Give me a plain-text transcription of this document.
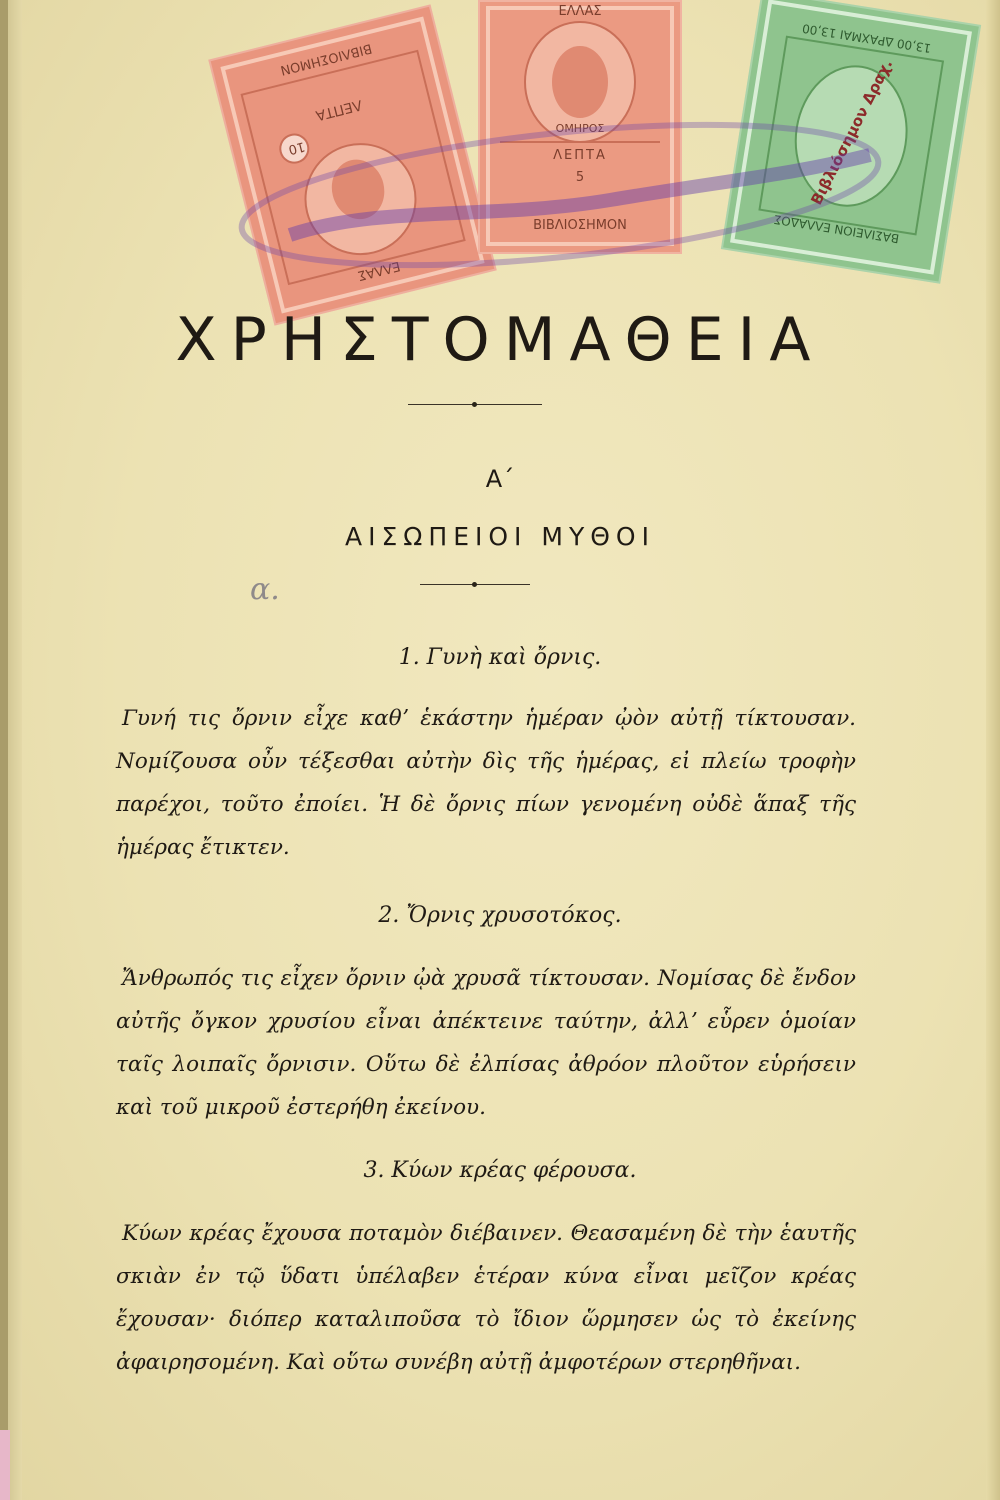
ΒΙΒΛΙΟΣΗΜΟΝ
ΕΛΛΑΣ
ΛΕΠΤΑ
10
ΕΛΛΑΣ
ΟΜΗΡΟΣ
ΛΕΠΤΑ
5
ΒΙΒΛΙΟΣΗΜΟΝ
13,00 ΔΡΑΧΜΑΙ 13,00
ΒΑΣΙΛΕΙΟΝ ΕΛΛΑΔΟΣ
Βιβλιόσημον Δραχ.
ΧΡΗΣΤΟΜΑΘΕΙΑ
Α΄
ΑΙΣΩΠΕΙΟΙ ΜΥΘΟΙ
α.
1. Γυνὴ καὶ ὄρνις.
Γυνή τις ὄρνιν εἶχε καθʼ ἑκάστην ἡμέραν ᾠὸν αὐτῇ τίκτουσαν. Νομίζουσα οὖν τέξεσθαι αὐτὴν δὶς τῆς ἡμέρας, εἰ πλείω τροφὴν παρέχοι, τοῦτο ἐποίει. Ἡ δὲ ὄρνις πίων γενομένη οὐδὲ ἅπαξ τῆς ἡμέρας ἔτικτεν.
2. Ὄρνις χρυσοτόκος.
Ἄνθρωπός τις εἶχεν ὄρνιν ᾠὰ χρυσᾶ τίκτουσαν. Νομίσας δὲ ἔνδον αὐτῆς ὄγκον χρυσίου εἶναι ἀπέκτεινε ταύτην, ἀλλʼ εὗρεν ὁμοίαν ταῖς λοιπαῖς ὄρνισιν. Οὕτω δὲ ἐλπίσας ἀθρόον πλοῦτον εὑρήσειν καὶ τοῦ μικροῦ ἐστερήθη ἐκείνου.
3. Κύων κρέας φέρουσα.
Κύων κρέας ἔχουσα ποταμὸν διέβαινεν. Θεασαμένη δὲ τὴν ἑαυτῆς σκιὰν ἐν τῷ ὕδατι ὑπέλαβεν ἑτέραν κύνα εἶναι μεῖζον κρέας ἔχουσαν· διόπερ καταλιποῦσα τὸ ἴδιον ὥρμησεν ὡς τὸ ἐκείνης ἀφαιρησομένη. Καὶ οὕτω συνέβη αὐτῇ ἀμφοτέρων στερηθῆναι.
